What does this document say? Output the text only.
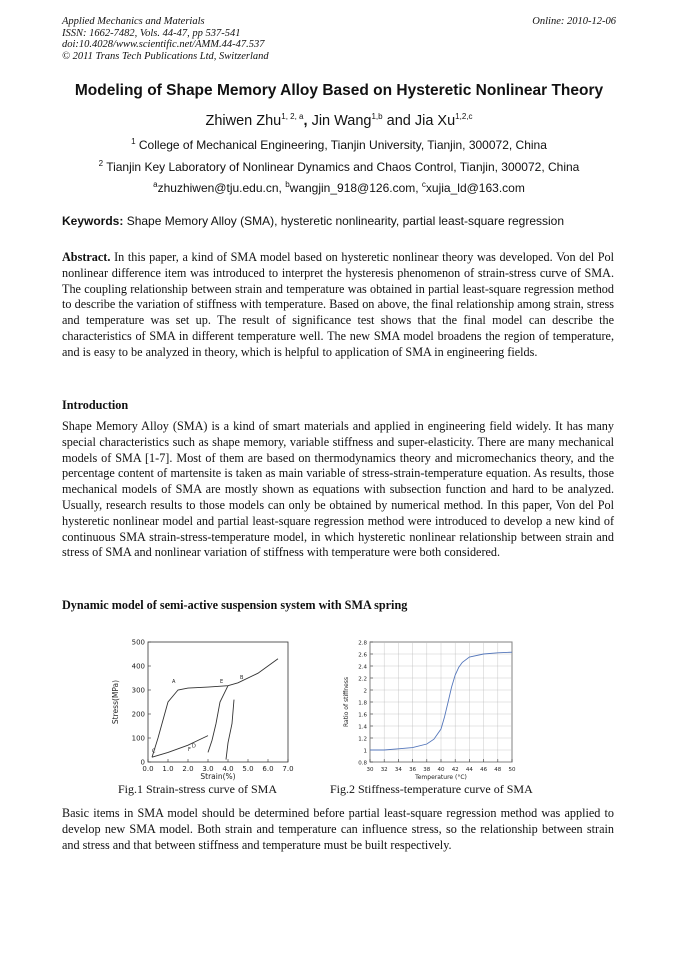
Applied Mechanics and Materials
ISSN: 1662-7482, Vols. 44-47, pp 537-541
doi:10.4028/www.scientific.net/AMM.44-47.537
© 2011 Trans Tech Publications Ltd, Switzerland
Online: 2010-12-06
Modeling of Shape Memory Alloy Based on Hysteretic Nonlinear Theory
Zhiwen Zhu$^{1, 2, a}$, Jin Wang$^{1,b}$ and Jia Xu$^{1,2,c}$
$^1$ College of Mechanical Engineering, Tianjin University, Tianjin, 300072, China
$^2$ Tianjin Key Laboratory of Nonlinear Dynamics and Chaos Control, Tianjin, 300072, China
$^a$zhuzhiwen@tju.edu.cn, $^b$wangjin_918@126.com, $^c$xujia_ld@163.com
Keywords: Shape Memory Alloy (SMA), hysteretic nonlinearity, partial least-square regression

Abstract. In this paper, a kind of SMA model based on hysteretic nonlinear theory was developed. Von del Pol nonlinear difference item was introduced to interpret the hysteresis phenomenon of strain-stress curve of SMA. The coupling relationship between strain and temperature was obtained in partial least-square regression method to describe the variation of stiffness with temperature. Based on above, the final relationship among strain, stress and temperature was set up. The result of significance test shows that the final model can describe the characteristics of SMA in different temperature well. The new SMA model broadens the region of temperature, and is easy to be analyzed in theory, which is helpful to application of SMA in engineering fields.

Introduction

Shape Memory Alloy (SMA) is a kind of smart materials and applied in engineering field widely. It has many special characteristics such as shape memory, variable stiffness and super-elasticity. There are many mechanical models of SMA [1-7]. Most of them are based on thermodynamics theory and micromechanics theory, and the percentage content of martensite is taken as main variable of stress-strain-temperature equation. As results, those mechanical models of SMA are mostly shown as equations with subsection function and hard to be analyzed. Usually, research results to those models can only be obtained by numerical method. In this paper, Von del Pol hysteretic nonlinear model and partial least-square regression method were introduced to develop a new kind of continuous SMA strain-stress-temperature model, in which hysteretic nonlinear relationship between strain and stress of SMA and nonlinear variation of stiffness with temperature were both considered.

Dynamic model of semi-active suspension system with SMA spring
0
100
200
300
400
500
0.0 1.0 2.0 3.0 4.0 5.0 6.0 7.0
Strain(%)
Stress(MPa)	A
B
C
D
E
F
Fig.1 Strain-stress curve of SMA
0.8
1
1.2
1.4
1.6
1.8
2
2.2
2.4
2.6
2.8
30 32 34 36 38 40 42 44 46 48 50
Temperature (°C)
Ratio of stiffness
Fig.2 Stiffness-temperature curve of SMA

Basic items in SMA model should be determined before partial least-square regression method was applied to develop new SMA model. Both strain and temperature can influence stress, so the relationship between strain and stress and that between stiffness and temperature must be built respectively.
